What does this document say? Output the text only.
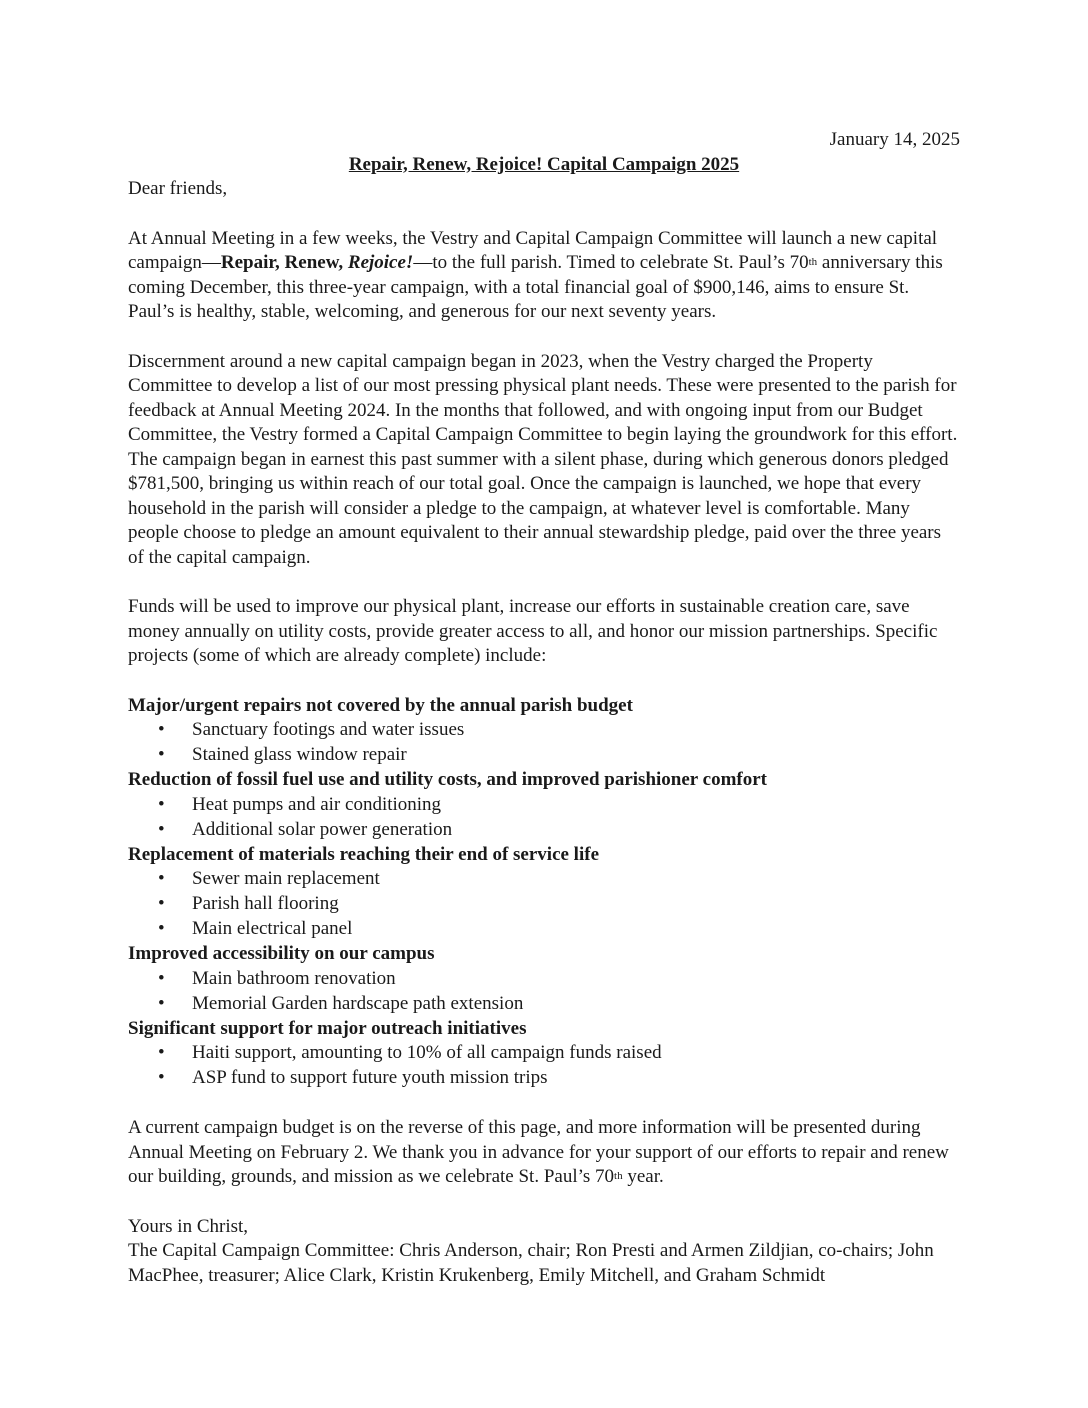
January 14, 2025

Repair, Renew, Rejoice! Capital Campaign 2025

Dear friends,

At Annual Meeting in a few weeks, the Vestry and Capital Campaign Committee will launch a new capital campaign—Repair, Renew, Rejoice!—to the full parish. Timed to celebrate St. Paul’s 70th anniversary this coming December, this three-year campaign, with a total financial goal of $900,146, aims to ensure St. Paul’s is healthy, stable, welcoming, and generous for our next seventy years.

Discernment around a new capital campaign began in 2023, when the Vestry charged the Property Committee to develop a list of our most pressing physical plant needs. These were presented to the parish for feedback at Annual Meeting 2024. In the months that followed, and with ongoing input from our Budget Committee, the Vestry formed a Capital Campaign Committee to begin laying the groundwork for this effort. The campaign began in earnest this past summer with a silent phase, during which generous donors pledged $781,500, bringing us within reach of our total goal. Once the campaign is launched, we hope that every household in the parish will consider a pledge to the campaign, at whatever level is comfortable. Many people choose to pledge an amount equivalent to their annual stewardship pledge, paid over the three years of the capital campaign.

Funds will be used to improve our physical plant, increase our efforts in sustainable creation care, save money annually on utility costs, provide greater access to all, and honor our mission partnerships. Specific projects (some of which are already complete) include:

Major/urgent repairs not covered by the annual parish budget

• Sanctuary footings and water issues
• Stained glass window repair

Reduction of fossil fuel use and utility costs, and improved parishioner comfort

• Heat pumps and air conditioning
• Additional solar power generation

Replacement of materials reaching their end of service life

• Sewer main replacement
• Parish hall flooring
• Main electrical panel

Improved accessibility on our campus

• Main bathroom renovation
• Memorial Garden hardscape path extension

Significant support for major outreach initiatives

• Haiti support, amounting to 10% of all campaign funds raised
• ASP fund to support future youth mission trips

A current campaign budget is on the reverse of this page, and more information will be presented during Annual Meeting on February 2. We thank you in advance for your support of our efforts to repair and renew our building, grounds, and mission as we celebrate St. Paul’s 70th year.

Yours in Christ,

The Capital Campaign Committee: Chris Anderson, chair; Ron Presti and Armen Zildjian, co-chairs; John MacPhee, treasurer; Alice Clark, Kristin Krukenberg, Emily Mitchell, and Graham Schmidt
